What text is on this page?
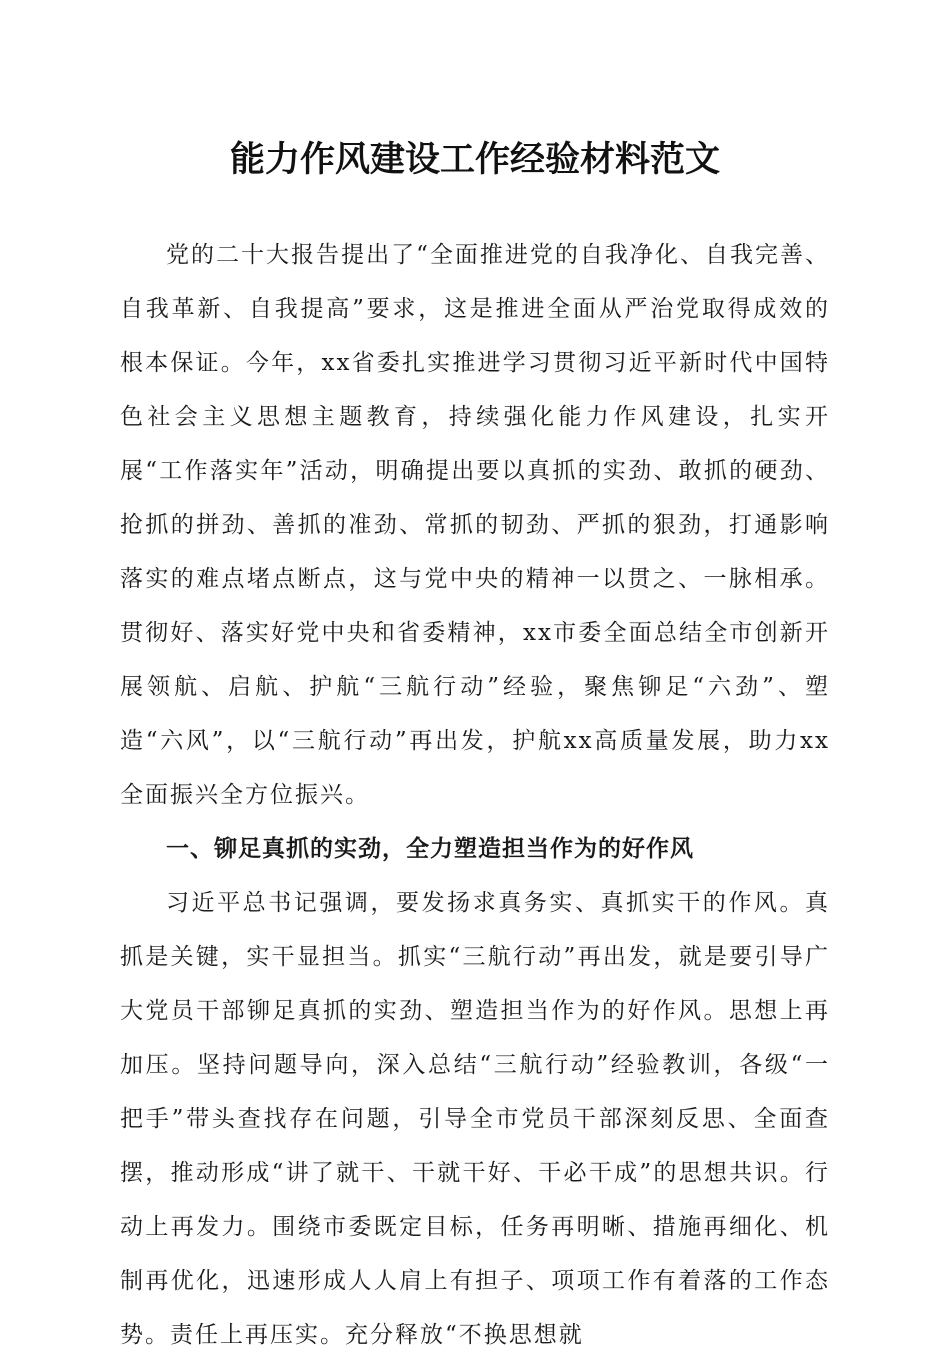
能力作风建设工作经验材料范文

党的二十大报告提出了“全面推进党的自我净化、自我完善、自我革新、自我提高”要求，这是推进全面从严治党取得成效的根本保证。今年，xx省委扎实推进学习贯彻习近平新时代中国特色社会主义思想主题教育，持续强化能力作风建设，扎实开展“工作落实年”活动，明确提出要以真抓的实劲、敢抓的硬劲、抢抓的拼劲、善抓的准劲、常抓的韧劲、严抓的狠劲，打通影响落实的难点堵点断点，这与党中央的精神一以贯之、一脉相承。贯彻好、落实好党中央和省委精神，xx市委全面总结全市创新开展领航、启航、护航“三航行动”经验，聚焦铆足“六劲”、塑造“六风”，以“三航行动”再出发，护航xx高质量发展，助力xx全面振兴全方位振兴。

一、铆足真抓的实劲，全力塑造担当作为的好作风

习近平总书记强调，要发扬求真务实、真抓实干的作风。真抓是关键，实干显担当。抓实“三航行动”再出发，就是要引导广大党员干部铆足真抓的实劲、塑造担当作为的好作风。思想上再加压。坚持问题导向，深入总结“三航行动”经验教训，各级“一把手”带头查找存在问题，引导全市党员干部深刻反思、全面查摆，推动形成“讲了就干、干就干好、干必干成”的思想共识。行动上再发力。围绕市委既定目标，任务再明晰、措施再细化、机制再优化，迅速形成人人肩上有担子、项项工作有着落的工作态势。责任上再压实。充分释放“不换思想就
